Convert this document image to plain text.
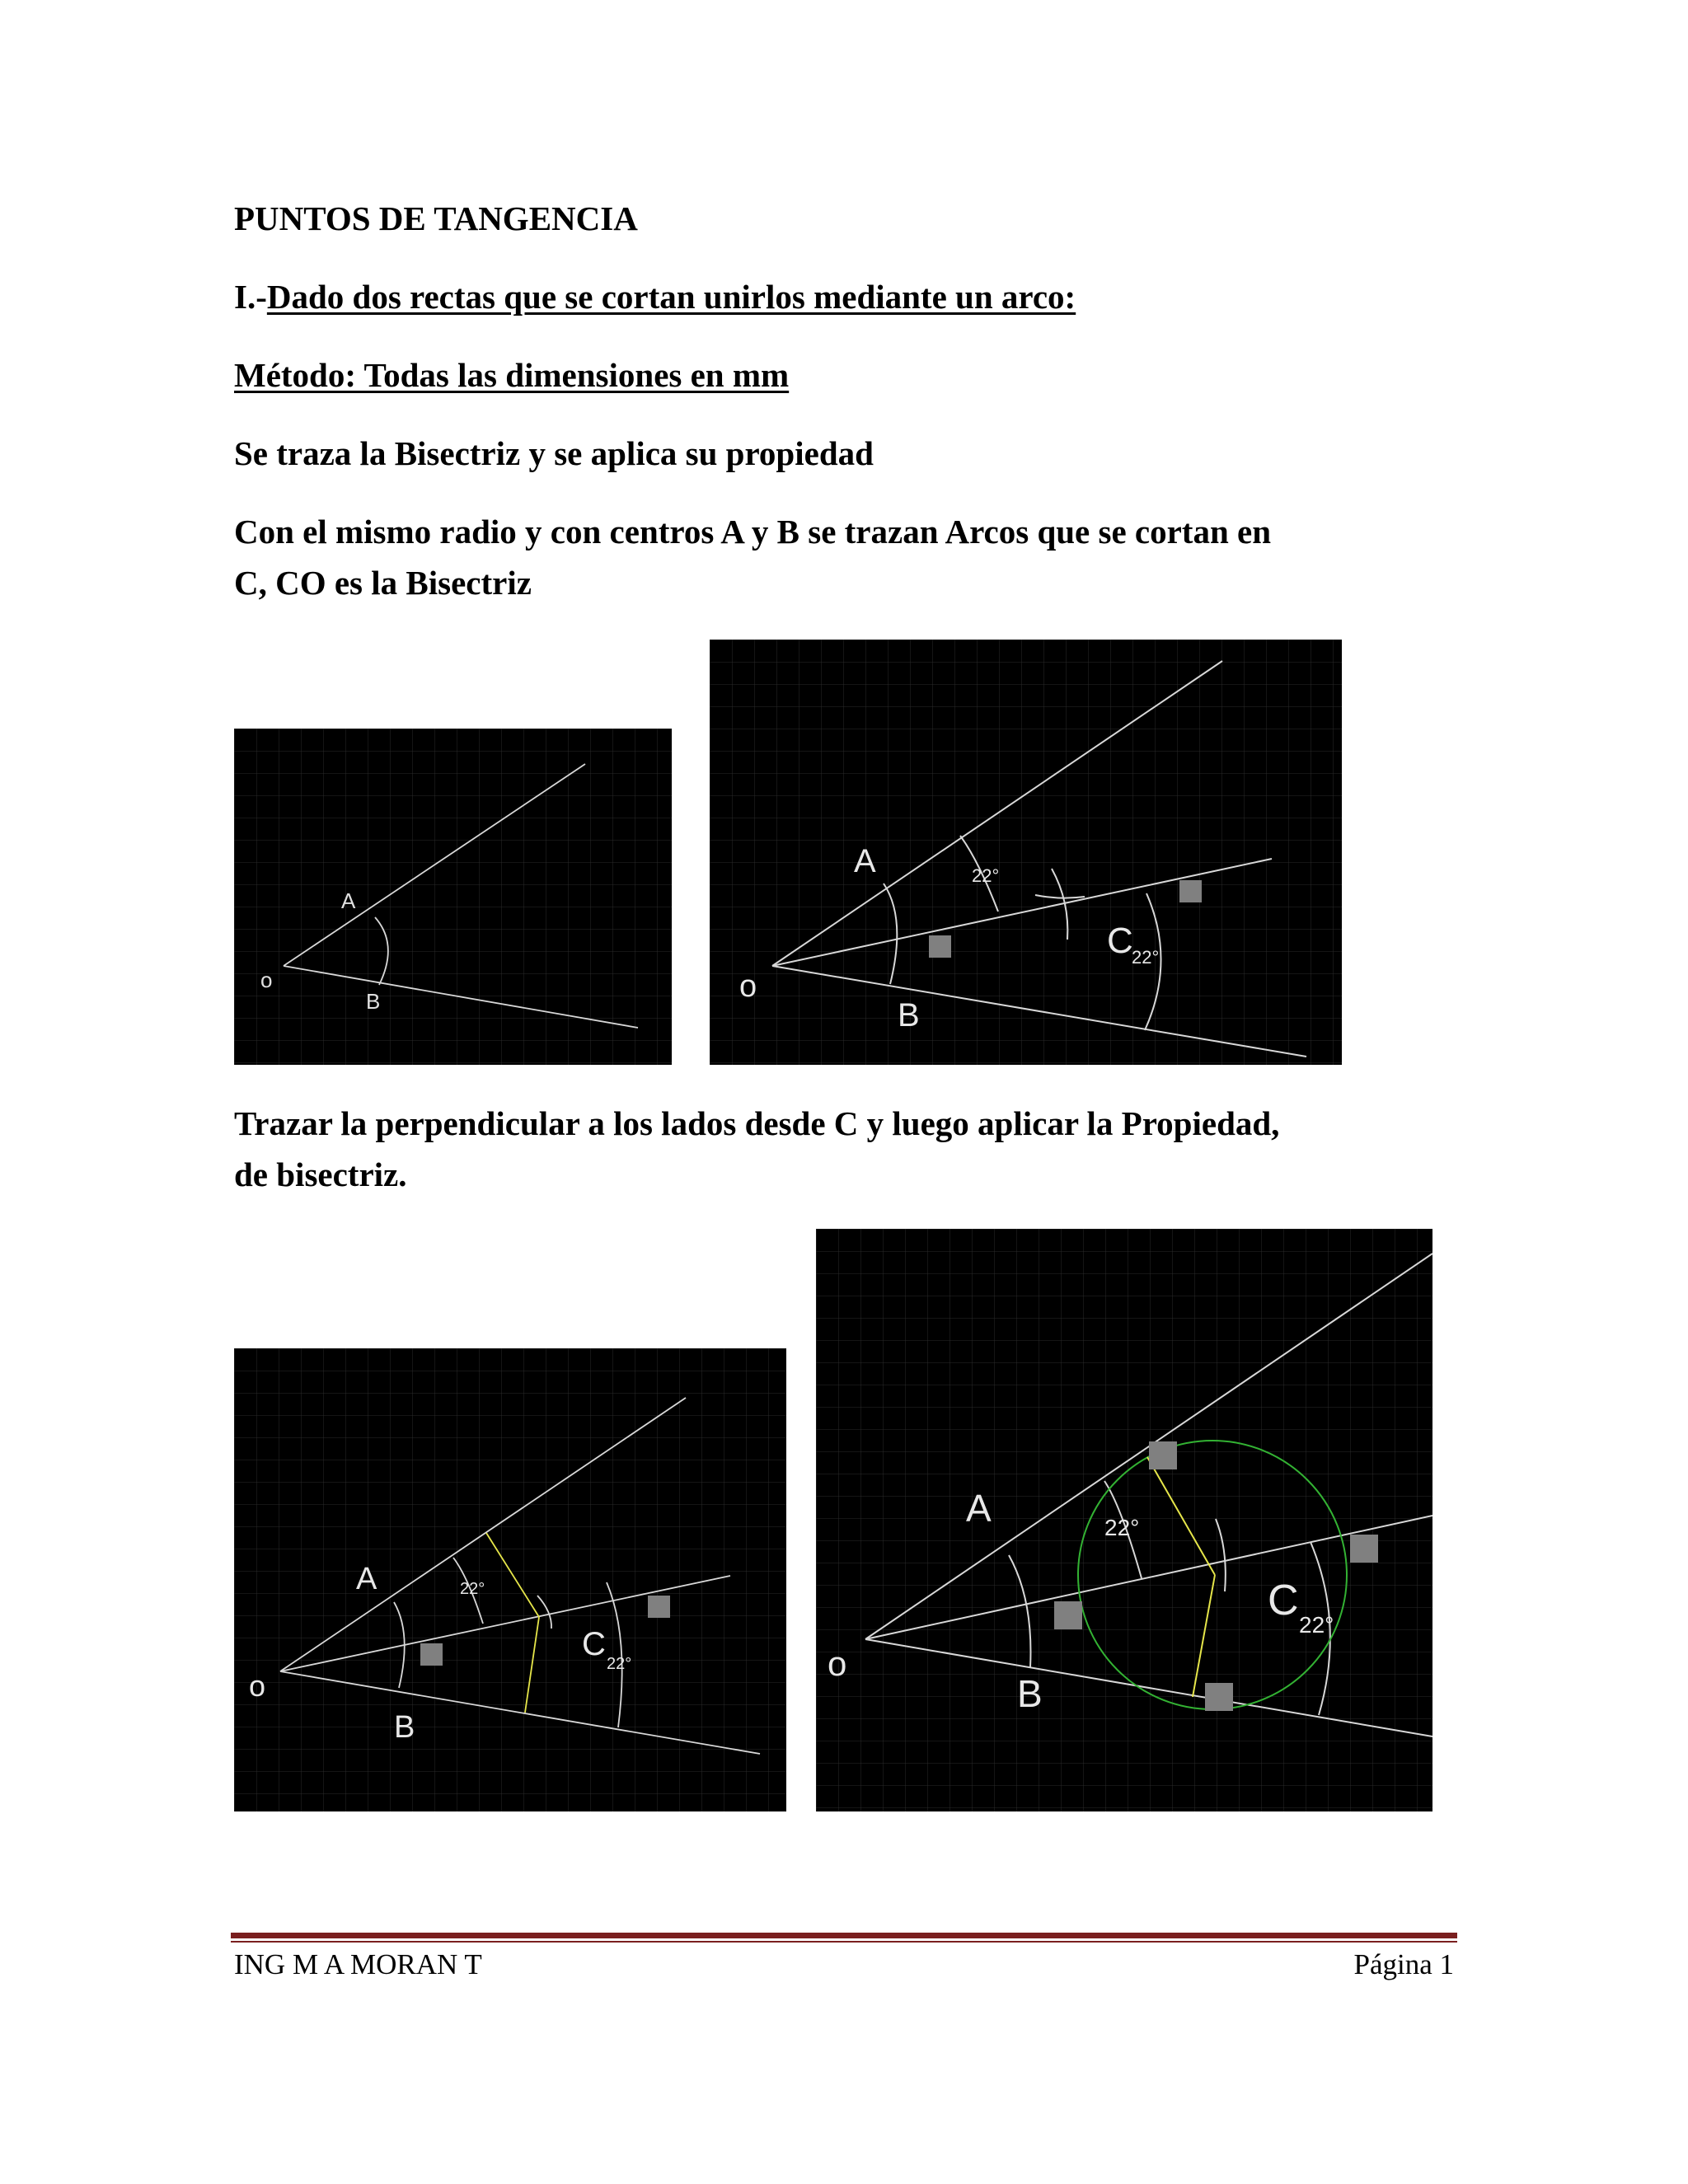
PUNTOS DE TANGENCIA

I.-Dado dos rectas que se cortan unirlos mediante un arco:

Método: Todas las dimensiones en mm

Se traza la Bisectriz y se aplica su propiedad

Con el mismo radio y con centros A y B se trazan Arcos que se cortan en

C, CO es la Bisectriz

Trazar la perpendicular a los lados desde C y luego aplicar la Propiedad,

de bisectriz.

o
A
B	o
A
B
C
22°
22°
o
A
B
C
22°
22°	o
A
B
C
22°
22°
ING M A MORAN T	Página 1
